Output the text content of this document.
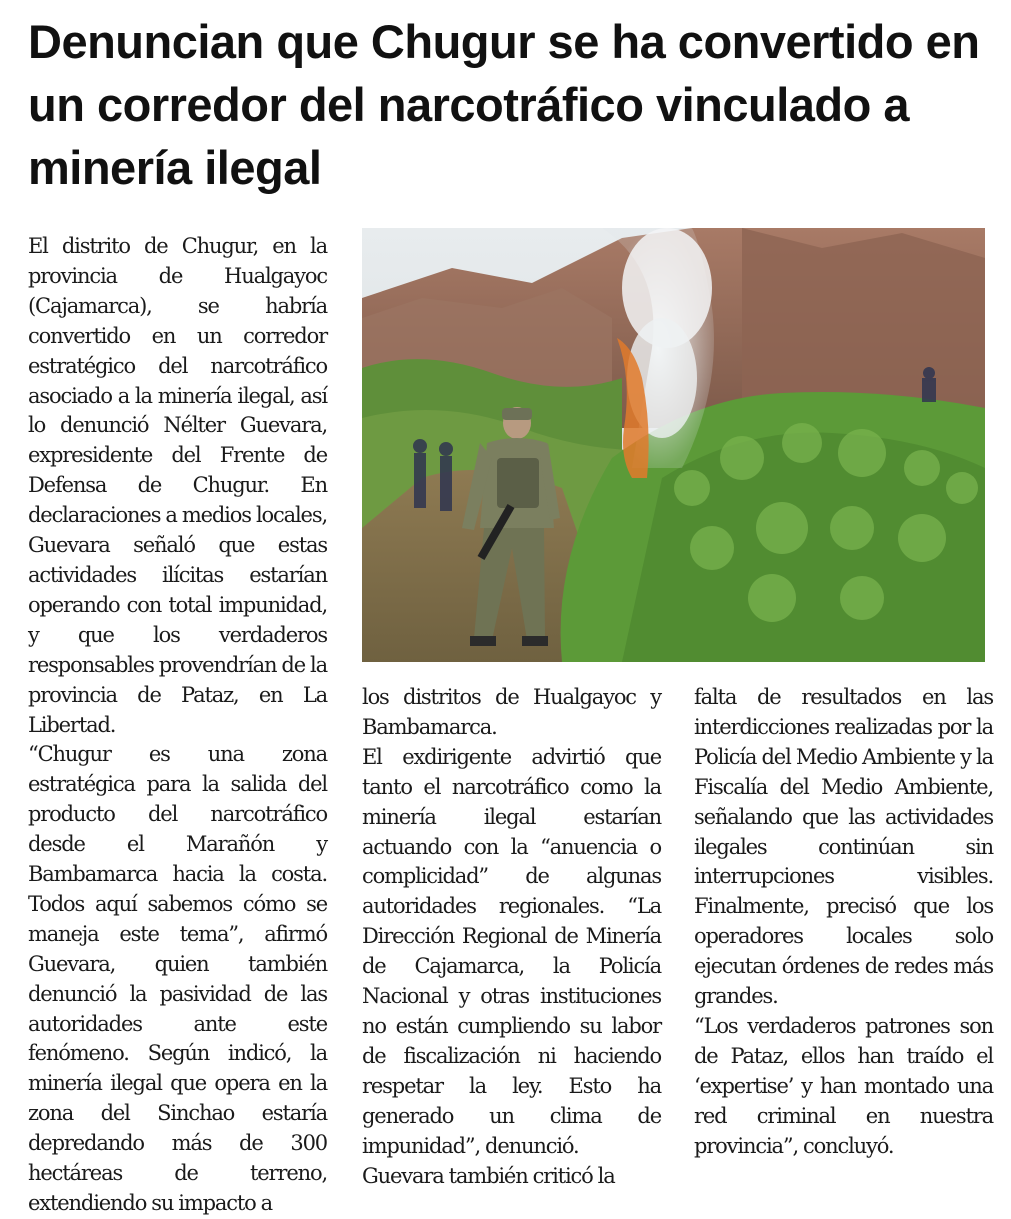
Denuncian que Chugur se ha convertido en un corredor del narcotráfico vinculado a minería ilegal

El distrito de Chugur, en la provincia de Hualgayoc (Cajamarca), se habría convertido en un corredor estratégico del narcotráfico asociado a la minería ilegal, así lo denunció Nélter Guevara, expresidente del Frente de Defensa de Chugur. En declaraciones a medios locales, Guevara señaló que estas actividades ilícitas estarían operando con total impunidad, y que los verdaderos responsables provendrían de la provincia de Pataz, en La Libertad.

“Chugur es una zona estratégica para la salida del producto del narcotráfico desde el Marañón y Bambamarca hacia la costa. Todos aquí sabemos cómo se maneja este tema”, afirmó Guevara, quien también denunció la pasividad de las autoridades ante este fenómeno. Según indicó, la minería ilegal que opera en la zona del Sinchao estaría depredando más de 300 hectáreas de terreno, extendiendo su impacto a

los distritos de Hualgayoc y Bambamarca.

El exdirigente advirtió que tanto el narcotráfico como la minería ilegal estarían actuando con la “anuencia o complicidad” de algunas autoridades regionales. “La Dirección Regional de Minería de Cajamarca, la Policía Nacional y otras instituciones no están cumpliendo su labor de fiscalización ni haciendo respetar la ley. Esto ha generado un clima de impunidad”, denunció.

Guevara también criticó la

falta de resultados en las interdicciones realizadas por la Policía del Medio Ambiente y la Fiscalía del Medio Ambiente, señalando que las actividades ilegales continúan sin interrupciones visibles. Finalmente, precisó que los operadores locales solo ejecutan órdenes de redes más grandes.

“Los verdaderos patrones son de Pataz, ellos han traído el ‘expertise’ y han montado una red criminal en nuestra provincia”, concluyó.
